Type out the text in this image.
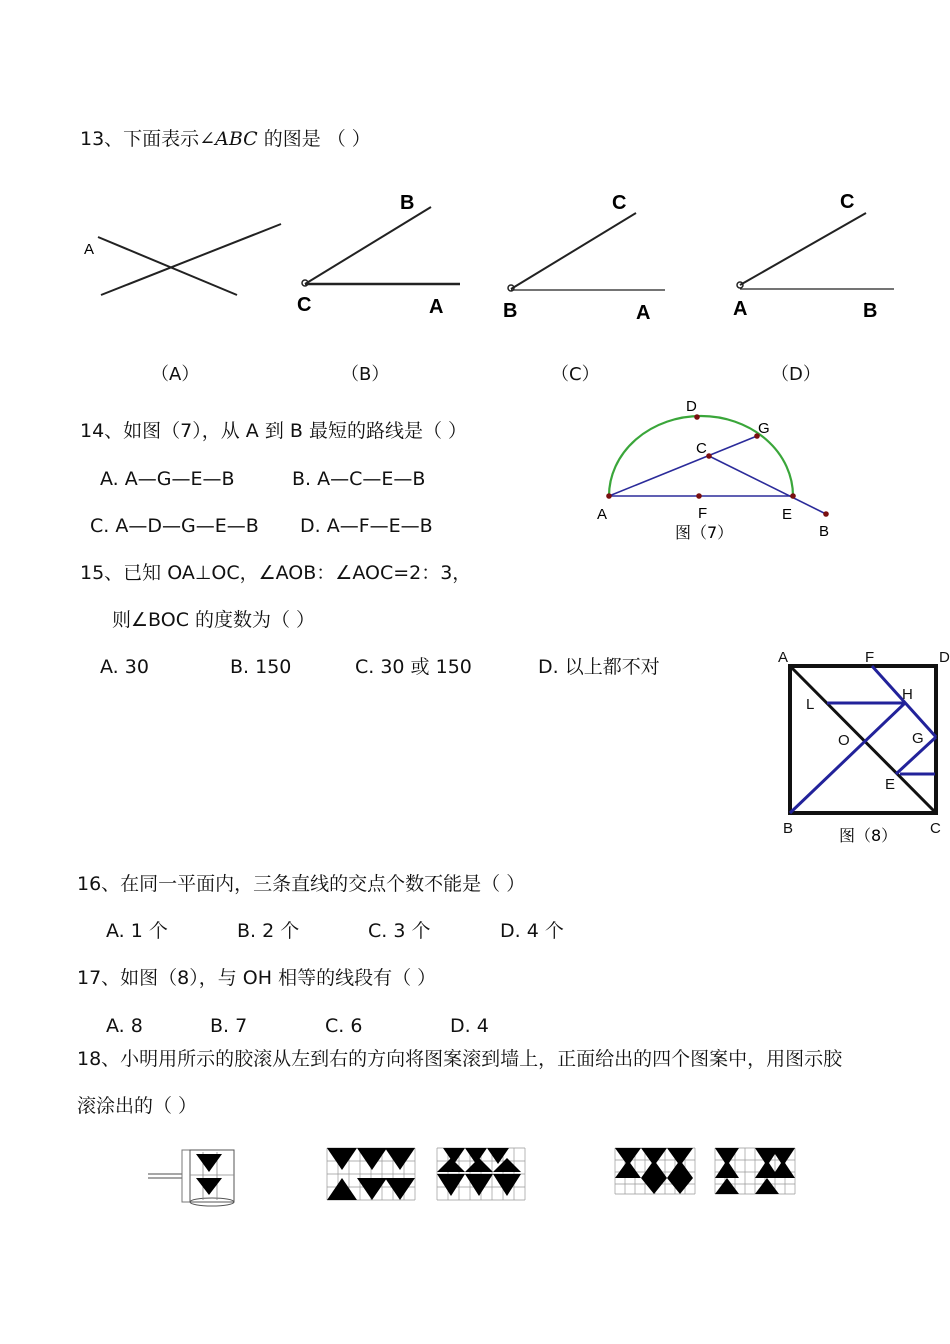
13、下面表示∠ABC 的图是 （ ）
A
B
C	A
C
B	A
C
A	B
（A）	（B）	（C）	（D）
14、如图（7），从 A 到 B 最短的路线是（ ）
A. A—G—E—B	B. A—C—E—B
C. A—D—G—E—B D. A—F—E—B
D
G
C
A	F	E
B
图（7）
15、已知 OA⊥OC，∠AOB：∠AOC=2：3，
则∠BOC 的度数为（ ）
A. 30	B. 150	C. 30 或 150	D. 以上都不对	A	F	D
H
L
O	G
E
B	C
图（8）
16、在同一平面内，三条直线的交点个数不能是（ ）
A. 1 个	B. 2 个	C. 3 个	D. 4 个
17、如图（8），与 OH 相等的线段有（ ）
A. 8	B. 7	C. 6	D. 4
18、小明用所示的胶滚从左到右的方向将图案滚到墙上，正面给出的四个图案中，用图示胶
滚涂出的（ ）
